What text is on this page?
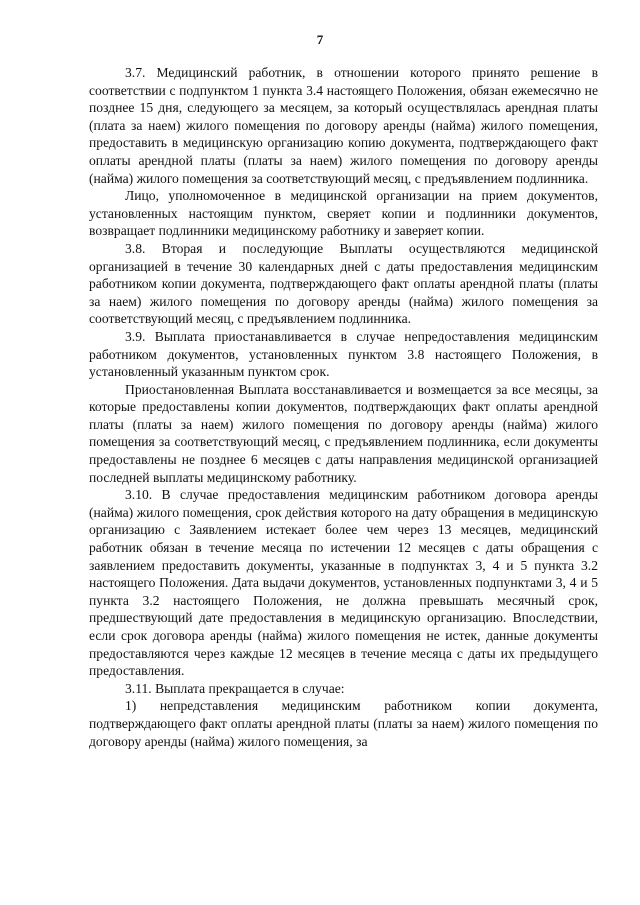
7

3.7. Медицинский работник, в отношении которого принято решение в соответствии с подпунктом 1 пункта 3.4 настоящего Положения, обязан ежемесячно не позднее 15 дня, следующего за месяцем, за который осуществлялась арендная платы (плата за наем) жилого помещения по договору аренды (найма) жилого помещения, предоставить в медицинскую организацию копию документа, подтверждающего факт оплаты арендной платы (платы за наем) жилого помещения по договору аренды (найма) жилого помещения за соответствующий месяц, с предъявлением подлинника.

Лицо, уполномоченное в медицинской организации на прием документов, установленных настоящим пунктом, сверяет копии и подлинники документов, возвращает подлинники медицинскому работнику и заверяет копии.

3.8. Вторая и последующие Выплаты осуществляются медицинской организацией в течение 30 календарных дней с даты предоставления медицинским работником копии документа, подтверждающего факт оплаты арендной платы (платы за наем) жилого помещения по договору аренды (найма) жилого помещения за соответствующий месяц, с предъявлением подлинника.

3.9. Выплата приостанавливается в случае непредоставления медицинским работником документов, установленных пунктом 3.8 настоящего Положения, в установленный указанным пунктом срок.

Приостановленная Выплата восстанавливается и возмещается за все месяцы, за которые предоставлены копии документов, подтверждающих факт оплаты арендной платы (платы за наем) жилого помещения по договору аренды (найма) жилого помещения за соответствующий месяц, с предъявлением подлинника, если документы предоставлены не позднее 6 месяцев с даты направления медицинской организацией последней выплаты медицинскому работнику.

3.10. В случае предоставления медицинским работником договора аренды (найма) жилого помещения, срок действия которого на дату обращения в медицинскую организацию с Заявлением истекает более чем через 13 месяцев, медицинский работник обязан в течение месяца по истечении 12 месяцев с даты обращения с заявлением предоставить документы, указанные в подпунктах 3, 4 и 5 пункта 3.2 настоящего Положения. Дата выдачи документов, установленных подпунктами 3, 4 и 5 пункта 3.2 настоящего Положения, не должна превышать месячный срок, предшествующий дате предоставления в медицинскую организацию. Впоследствии, если срок договора аренды (найма) жилого помещения не истек, данные документы предоставляются через каждые 12 месяцев в течение месяца с даты их предыдущего предоставления.

3.11. Выплата прекращается в случае:

1) непредставления медицинским работником копии документа, подтверждающего факт оплаты арендной платы (платы за наем) жилого помещения по договору аренды (найма) жилого помещения, за
